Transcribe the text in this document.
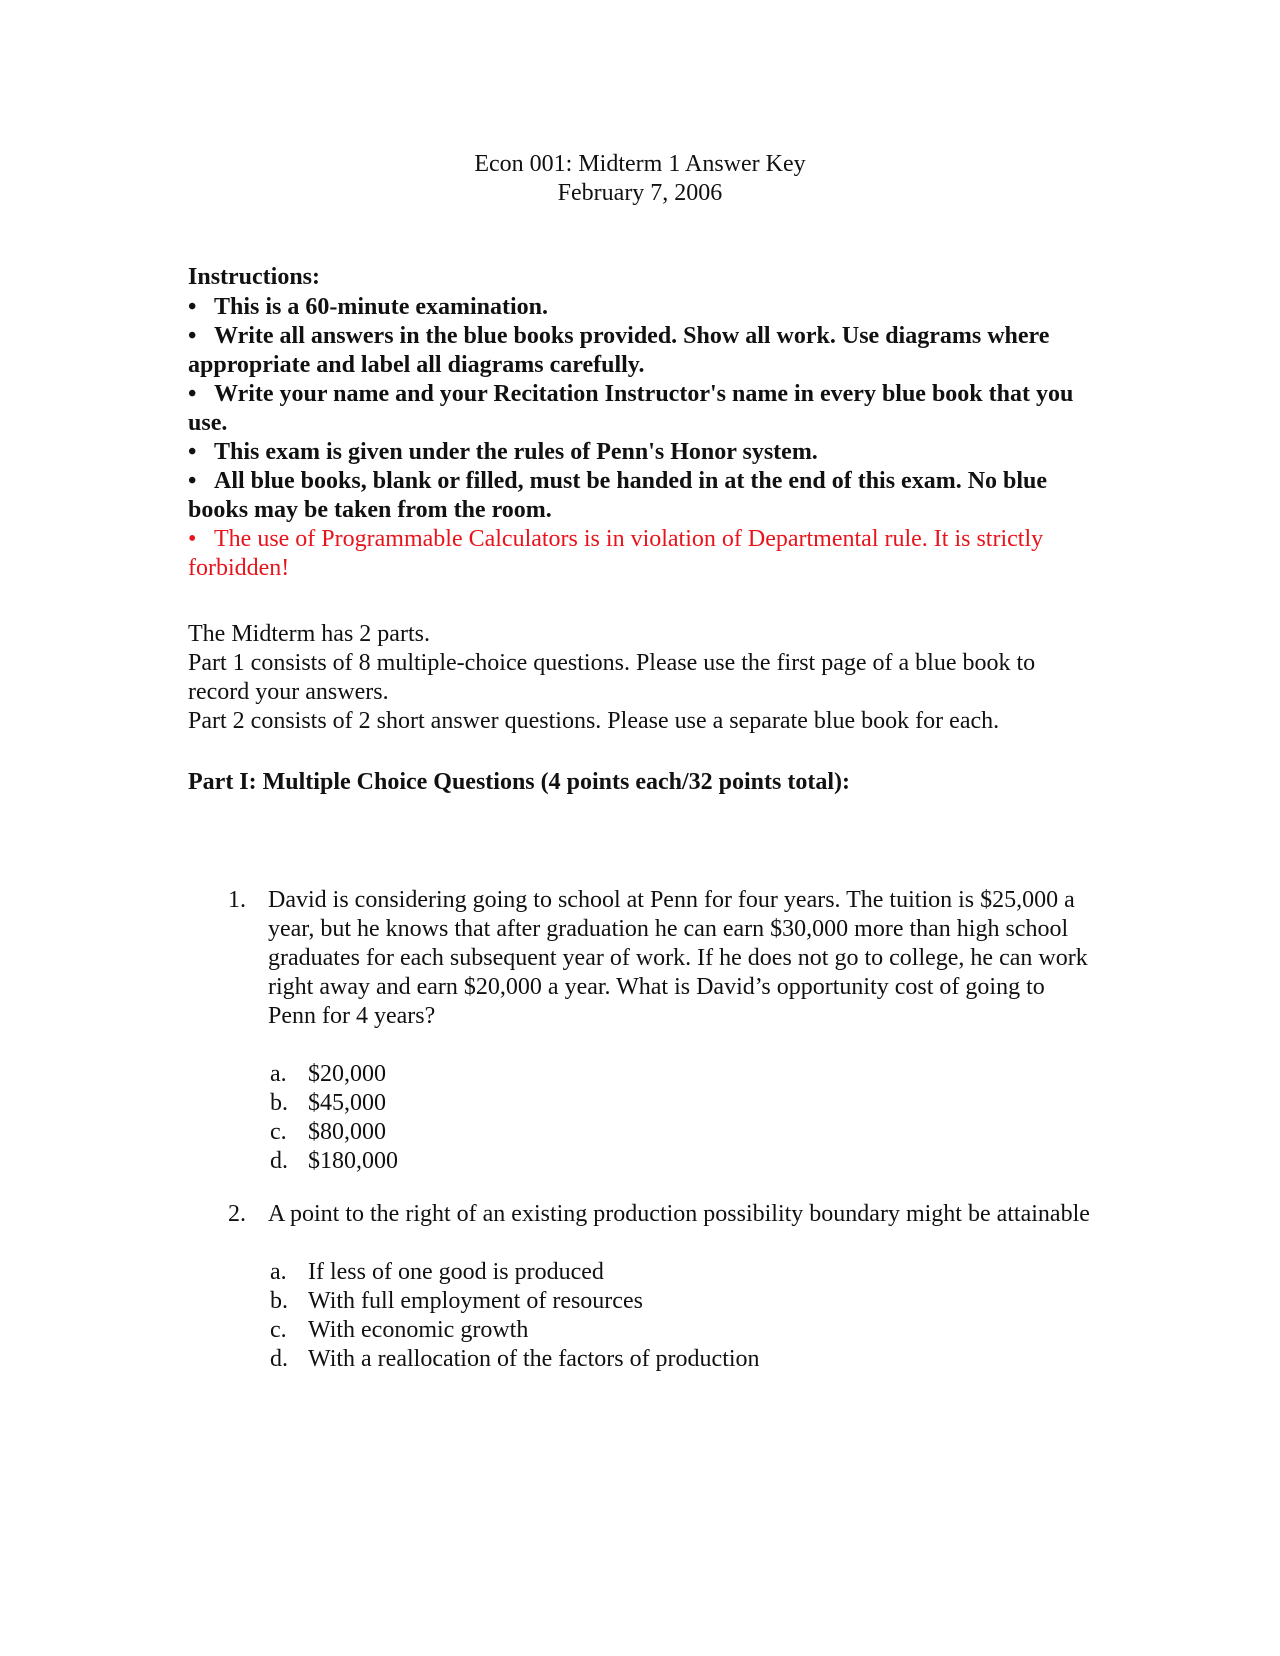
Econ 001: Midterm 1 Answer Key
February 7, 2006
Instructions:
• This is a 60-minute examination.
• Write all answers in the blue books provided. Show all work. Use diagrams where appropriate and label all diagrams carefully.
• Write your name and your Recitation Instructor's name in every blue book that you use.
• This exam is given under the rules of Penn's Honor system.
• All blue books, blank or filled, must be handed in at the end of this exam. No blue books may be taken from the room.
• The use of Programmable Calculators is in violation of Departmental rule. It is strictly forbidden!
The Midterm has 2 parts.
Part 1 consists of 8 multiple-choice questions. Please use the first page of a blue book to record your answers.
Part 2 consists of 2 short answer questions. Please use a separate blue book for each.
Part I: Multiple Choice Questions (4 points each/32 points total):
1. David is considering going to school at Penn for four years. The tuition is $25,000 a year, but he knows that after graduation he can earn $30,000 more than high school graduates for each subsequent year of work. If he does not go to college, he can work right away and earn $20,000 a year. What is David’s opportunity cost of going to Penn for 4 years?
a. $20,000
b. $45,000
c. $80,000
d. $180,000
2. A point to the right of an existing production possibility boundary might be attainable
a. If less of one good is produced
b. With full employment of resources
c. With economic growth
d. With a reallocation of the factors of production
